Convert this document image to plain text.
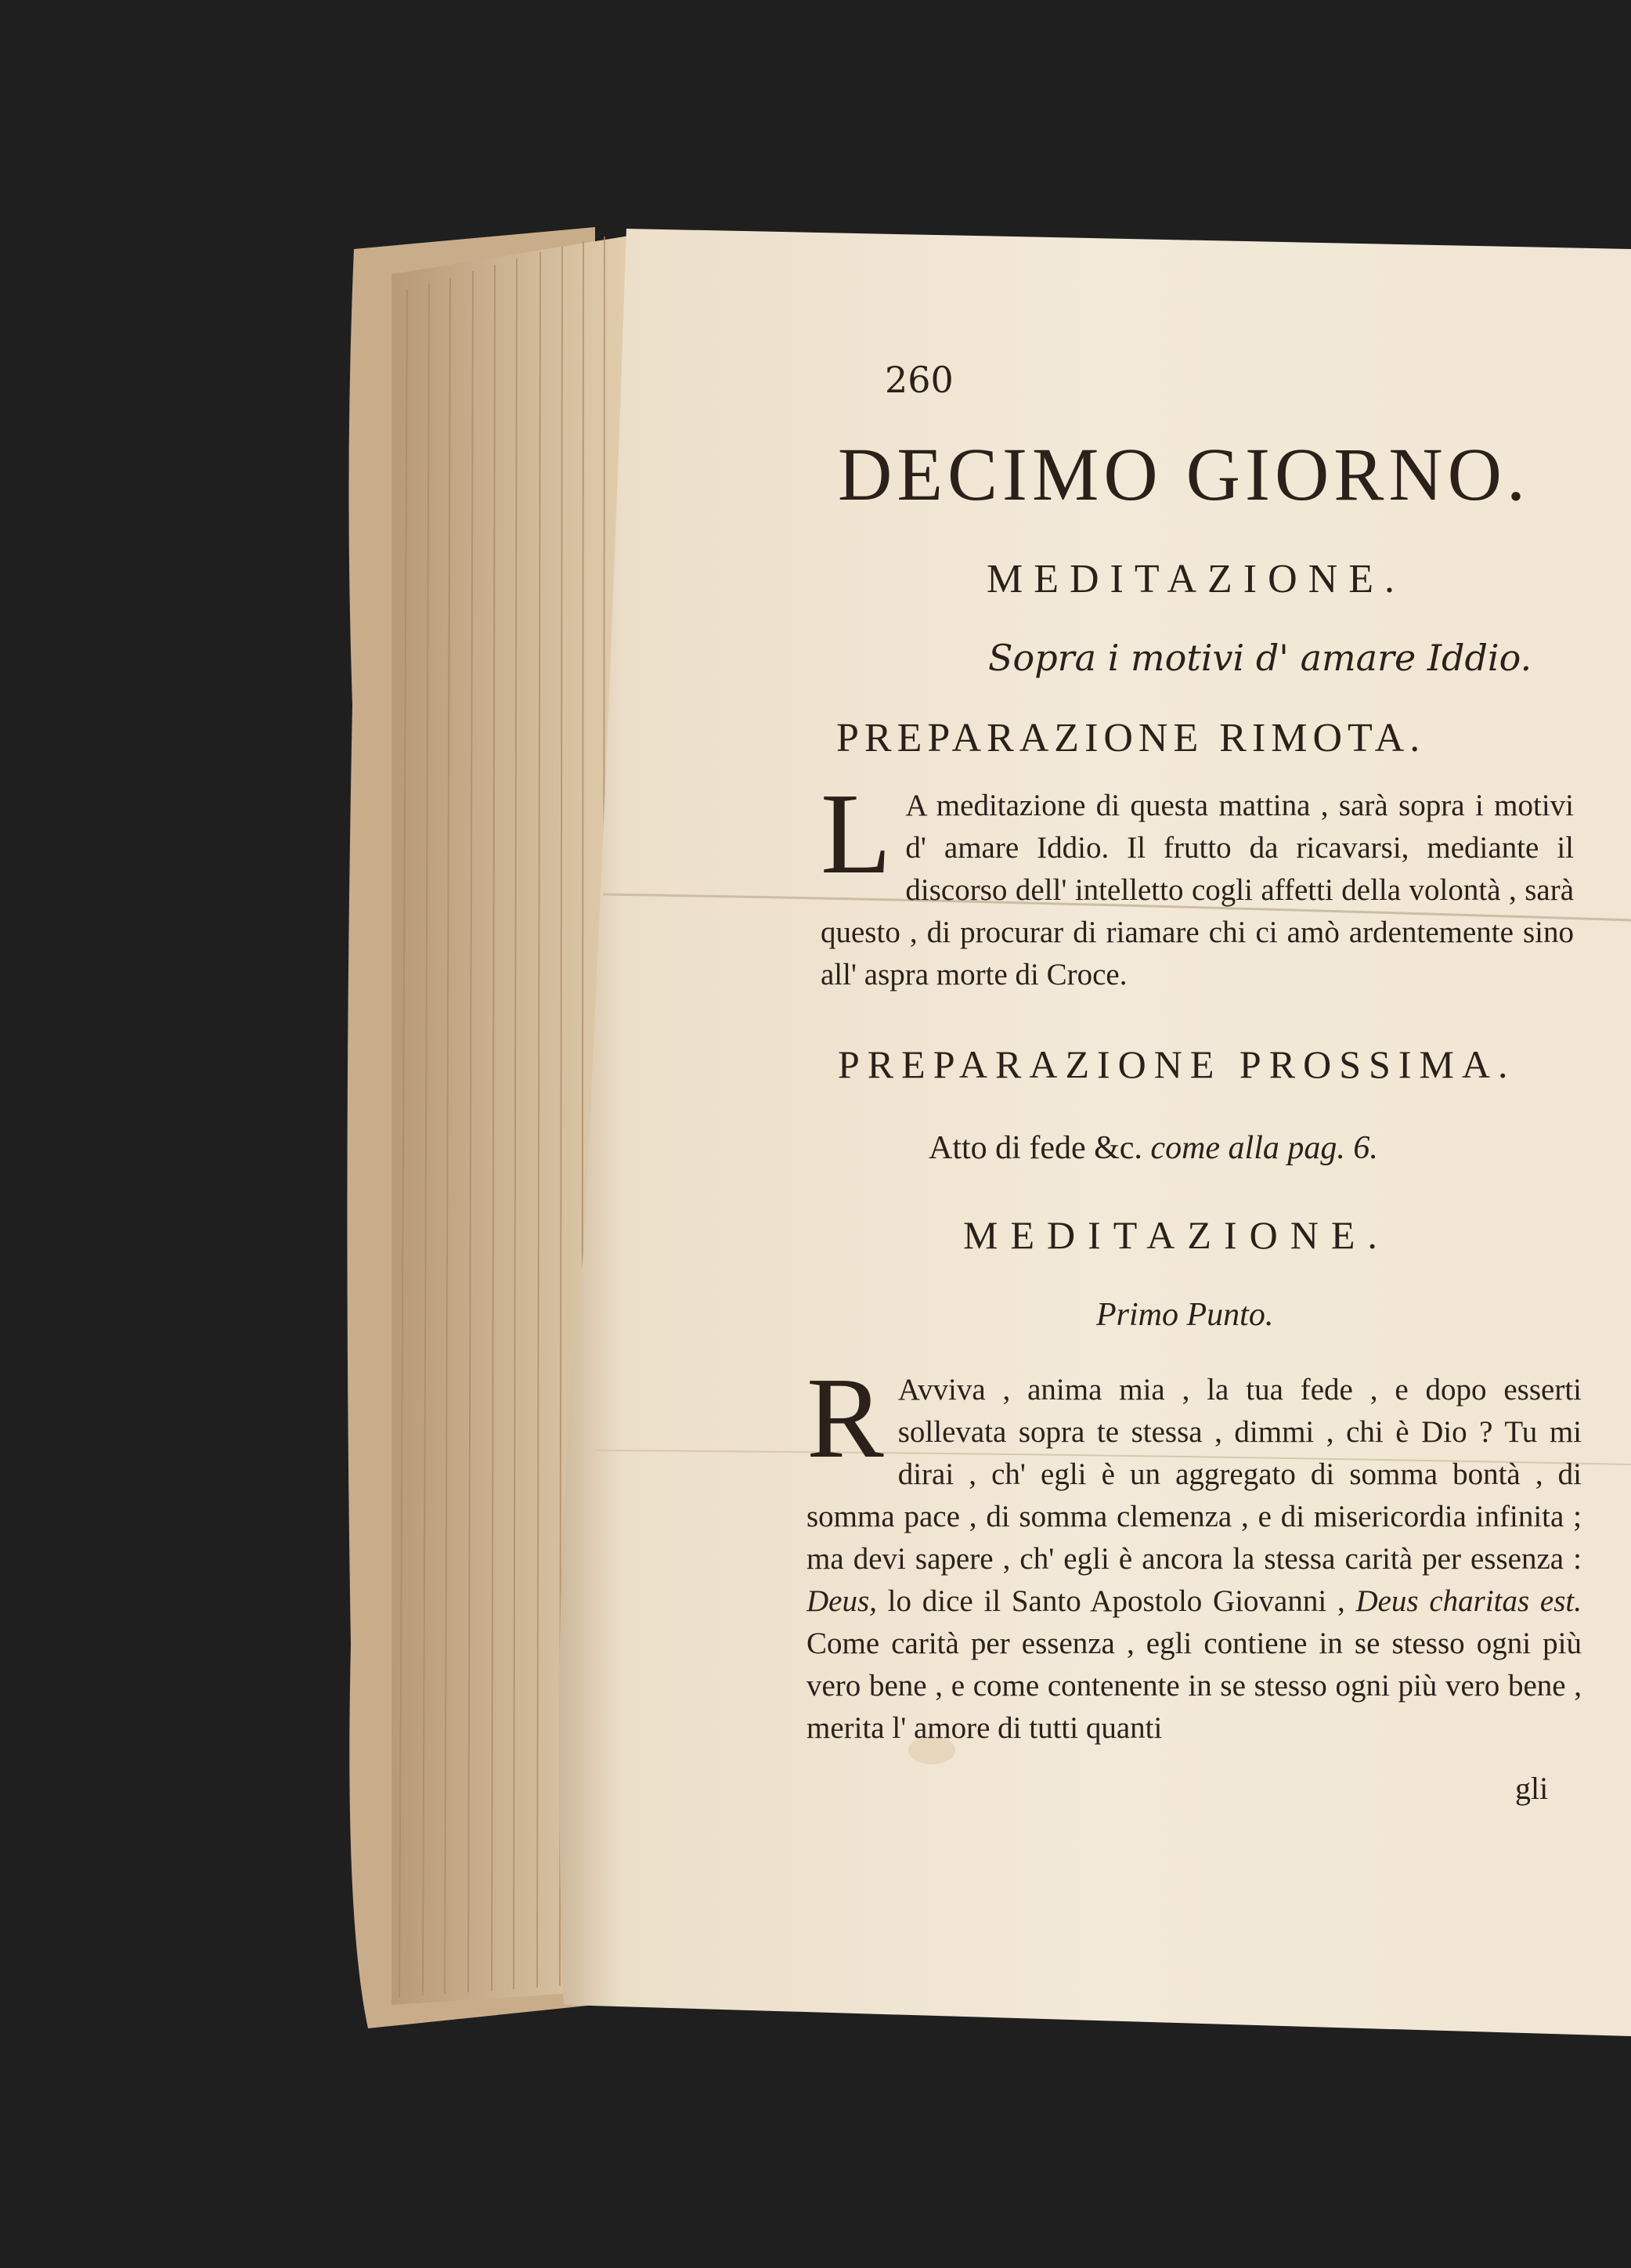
260
DECIMO GIORNO.
MEDITAZIONE.
Sopra i motivi d' amare Iddio.
PREPARAZIONE RIMOTA.

L A meditazione di questa mattina , sarà sopra i motivi d' amare Iddio. Il frutto da ricavarsi, mediante il discorso dell' intelletto cogli affetti della volontà , sarà questo , di procurar di riamare chi ci amò ardentemente sino all' aspra morte di Croce.

PREPARAZIONE PROSSIMA.
Atto di fede &c. come alla pag. 6.
MEDITAZIONE.
Primo Punto.

R Avviva , anima mia , la tua fede , e dopo esserti sollevata sopra te stessa , dimmi , chi è Dio ? Tu mi dirai , ch' egli è un aggregato di somma bontà , di somma pace , di somma clemenza , e di misericordia infinita ; ma devi sapere , ch' egli è ancora la stessa carità per essenza : Deus, lo dice il Santo Apostolo Giovanni , Deus charitas est. Come carità per essenza , egli contiene in se stesso ogni più vero bene , e come contenente in se stesso ogni più vero bene , merita l' amore di tutti quanti

gli
